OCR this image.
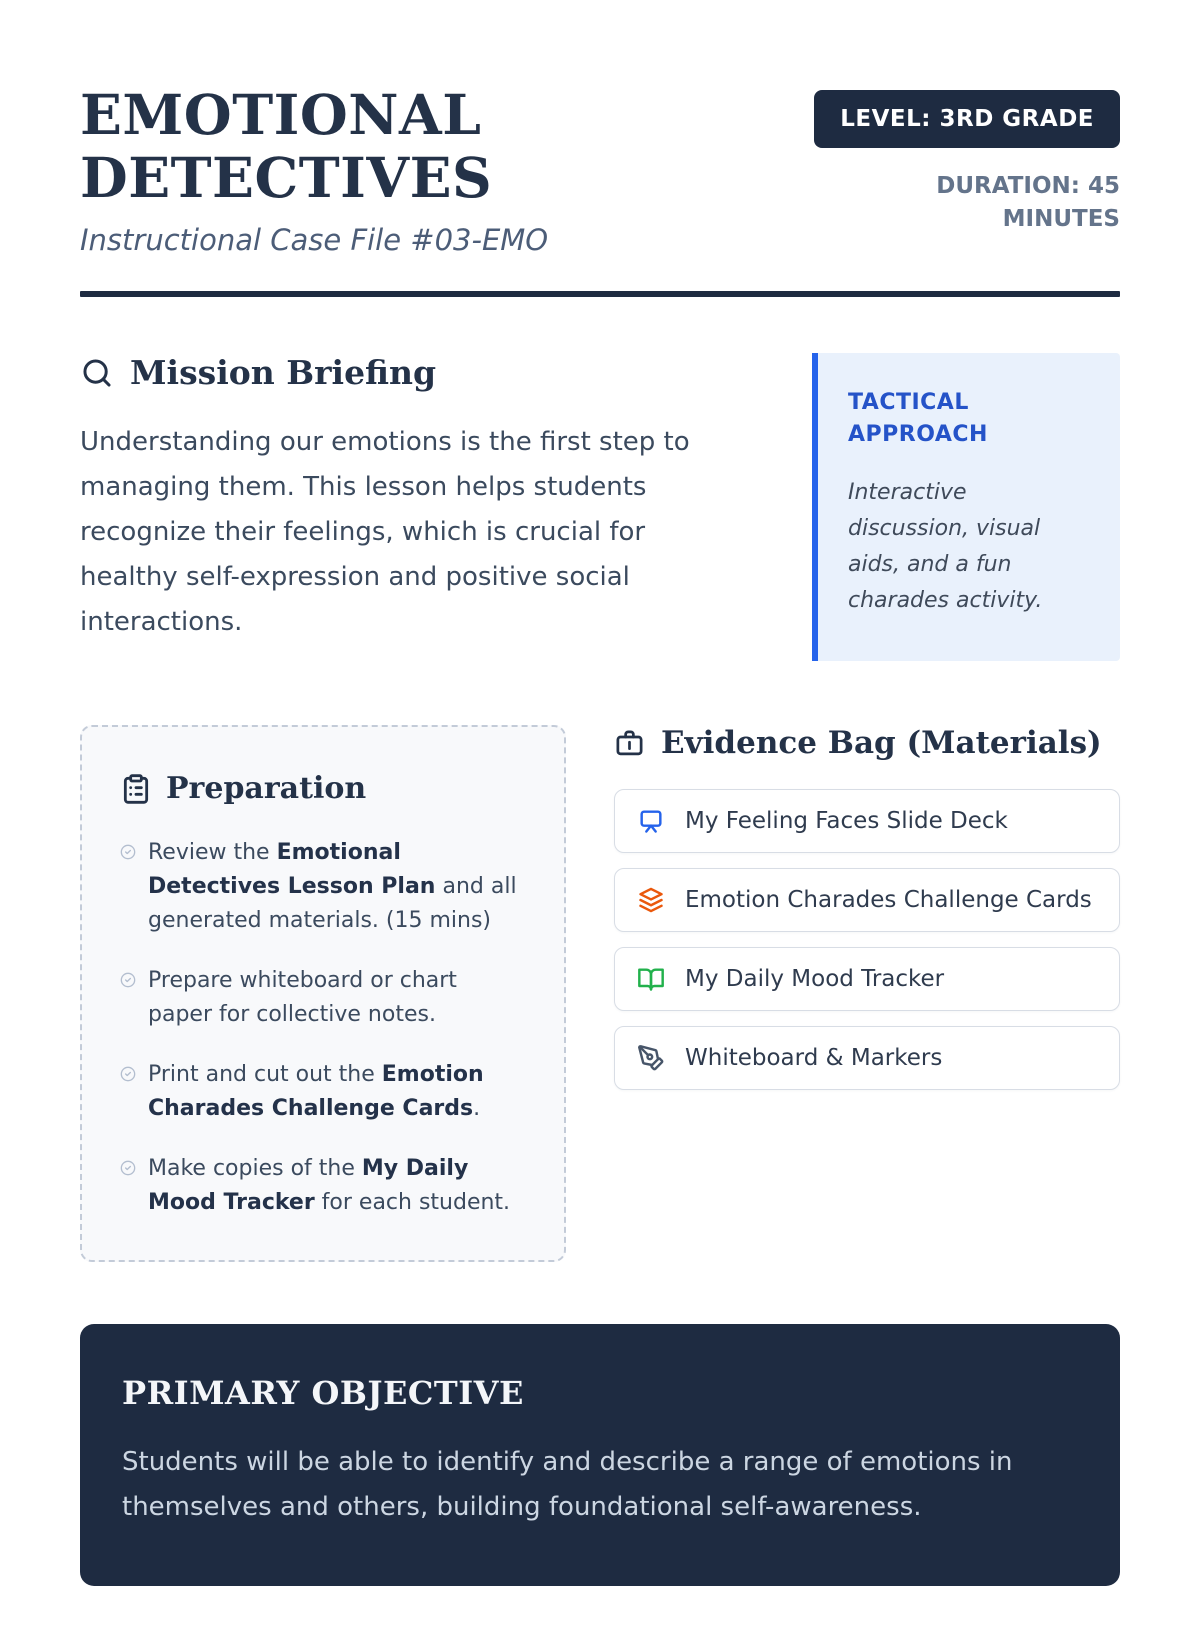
EMOTIONAL DETECTIVES
Instructional Case File #03-EMO
LEVEL: 3RD GRADE
DURATION: 45 MINUTES
Mission Briefing

Understanding our emotions is the first step to managing them. This lesson helps students recognize their feelings, which is crucial for healthy self-expression and positive social interactions.

TACTICAL APPROACH
Interactive discussion, visual aids, and a fun charades activity.
Preparation
Review the Emotional Detectives Lesson Plan and all generated materials. (15 mins)
Prepare whiteboard or chart paper for collective notes.
Print and cut out the Emotion Charades Challenge Cards.
Make copies of the My Daily Mood Tracker for each student.
Evidence Bag (Materials)
My Feeling Faces Slide Deck
Emotion Charades Challenge Cards
My Daily Mood Tracker
Whiteboard & Markers
PRIMARY OBJECTIVE

Students will be able to identify and describe a range of emotions in themselves and others, building foundational self-awareness.
